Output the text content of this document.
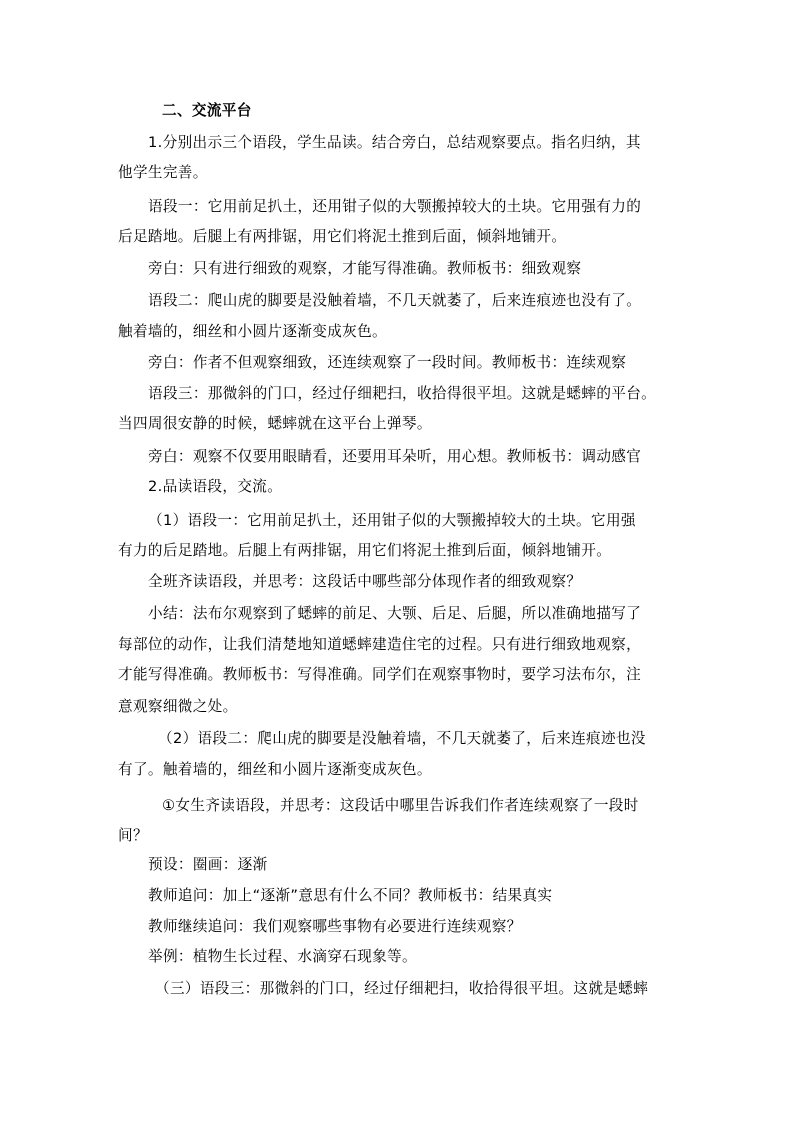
二、交流平台
1.分别出示三个语段，学生品读。结合旁白，总结观察要点。指名归纳，其
他学生完善。
语段一：它用前足扒土，还用钳子似的大颚搬掉较大的土块。它用强有力的
后足踏地。后腿上有两排锯，用它们将泥土推到后面，倾斜地铺开。
旁白：只有进行细致的观察，才能写得准确。教师板书：细致观察
语段二：爬山虎的脚要是没触着墙，不几天就萎了，后来连痕迹也没有了。
触着墙的，细丝和小圆片逐渐变成灰色。
旁白：作者不但观察细致，还连续观察了一段时间。教师板书：连续观察
语段三：那微斜的门口，经过仔细耙扫，收拾得很平坦。这就是蟋蟀的平台。
当四周很安静的时候，蟋蟀就在这平台上弹琴。
旁白：观察不仅要用眼睛看，还要用耳朵听，用心想。教师板书：调动感官
2.品读语段，交流。
（1）语段一：它用前足扒土，还用钳子似的大颚搬掉较大的土块。它用强
有力的后足踏地。后腿上有两排锯，用它们将泥土推到后面，倾斜地铺开。
全班齐读语段，并思考：这段话中哪些部分体现作者的细致观察？
小结：法布尔观察到了蟋蟀的前足、大颚、后足、后腿，所以准确地描写了
每部位的动作，让我们清楚地知道蟋蟀建造住宅的过程。只有进行细致地观察，
才能写得准确。教师板书：写得准确。同学们在观察事物时，要学习法布尔，注
意观察细微之处。
（2）语段二：爬山虎的脚要是没触着墙，不几天就萎了，后来连痕迹也没
有了。触着墙的，细丝和小圆片逐渐变成灰色。
①女生齐读语段，并思考：这段话中哪里告诉我们作者连续观察了一段时
间？
预设：圈画：逐渐
教师追问：加上“逐渐”意思有什么不同？教师板书：结果真实
教师继续追问：我们观察哪些事物有必要进行连续观察？
举例：植物生长过程、水滴穿石现象等。
（三）语段三：那微斜的门口，经过仔细耙扫，收拾得很平坦。这就是蟋蟀
